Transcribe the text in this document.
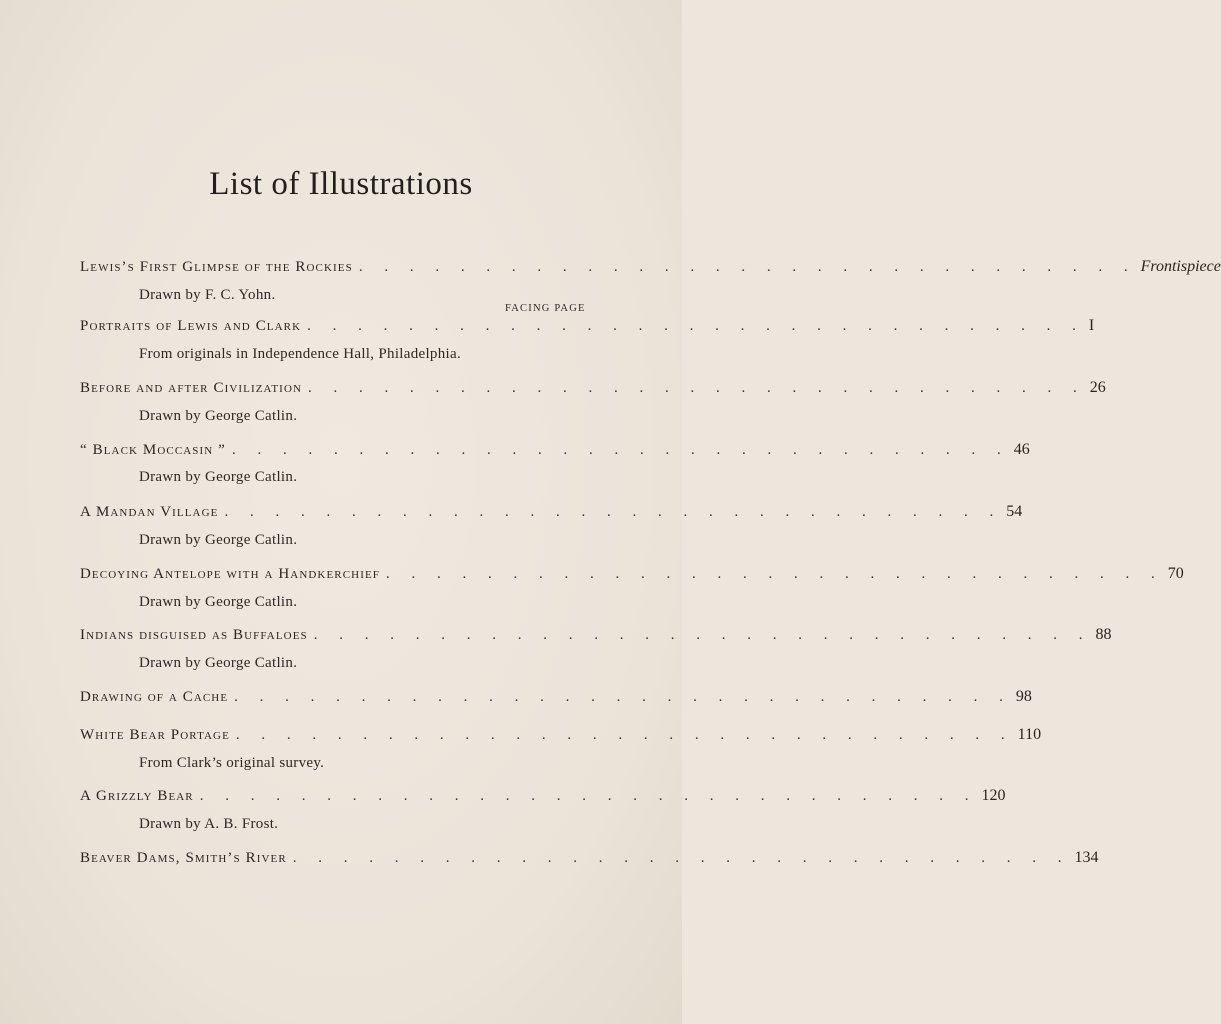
List of Illustrations
FACING PAGE
Lewis’s First Glimpse of the Rockies . . . . . . . . . . . . . . . . . . . . . . . . . . . . . . . Frontispiece
Drawn by F. C. Yohn.
Portraits of Lewis and Clark . . . . . . . . . . . . . . . . . . . . . . . . . . . . . . . I
From originals in Independence Hall, Philadelphia.
Before and after Civilization . . . . . . . . . . . . . . . . . . . . . . . . . . . . . . . 26
Drawn by George Catlin.
“ Black Moccasin ” . . . . . . . . . . . . . . . . . . . . . . . . . . . . . . . 46
Drawn by George Catlin.
A Mandan Village . . . . . . . . . . . . . . . . . . . . . . . . . . . . . . . 54
Drawn by George Catlin.
Decoying Antelope with a Handkerchief . . . . . . . . . . . . . . . . . . . . . . . . . . . . . . . 70
Drawn by George Catlin.
Indians disguised as Buffaloes . . . . . . . . . . . . . . . . . . . . . . . . . . . . . . . 88
Drawn by George Catlin.
Drawing of a Cache . . . . . . . . . . . . . . . . . . . . . . . . . . . . . . . 98
White Bear Portage . . . . . . . . . . . . . . . . . . . . . . . . . . . . . . . 110
From Clark’s original survey.
A Grizzly Bear . . . . . . . . . . . . . . . . . . . . . . . . . . . . . . . 120
Drawn by A. B. Frost.
Beaver Dams, Smith’s River . . . . . . . . . . . . . . . . . . . . . . . . . . . . . . . 134
